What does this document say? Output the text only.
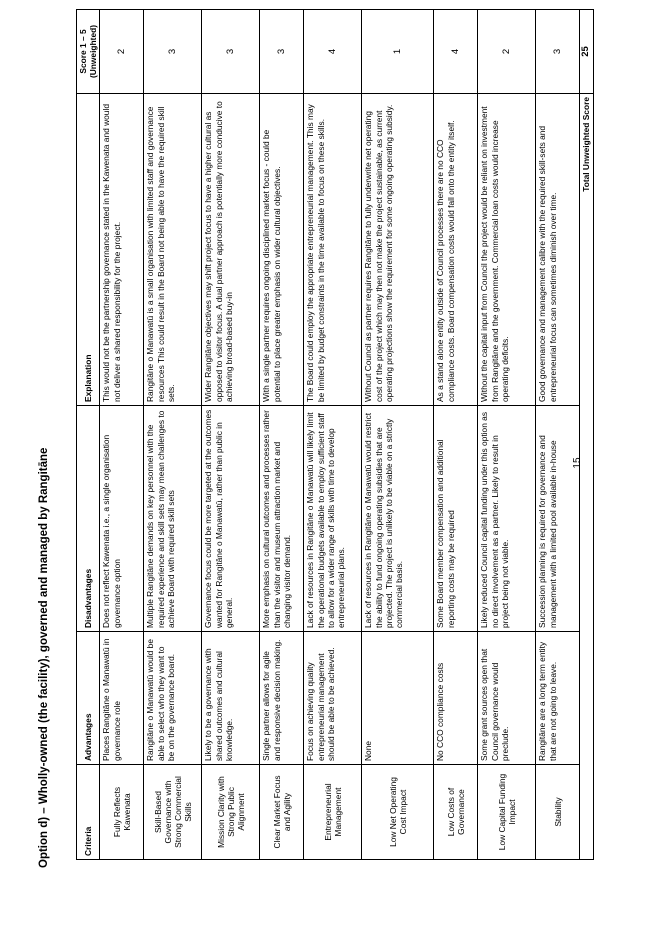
Option d) – Wholly-owned (the facility), governed and managed by Rangitāne	Criteria	Advantages	Disadvantages	Explanation	Score 1 – 5 (Unweighted)
Fully Reflects Kawenata	Places Rangitāne o Manawatū in governance role	Does not reflect Kawenata i.e., a single organisation governance option	This would not be the partnership governance stated in the Kawenata and would not deliver a shared responsibility for the project.	2
Skill-Based Governance with Strong Commercial Skills	Rangitāne o Manawatū would be able to select who they want to be on the governance board.	Multiple Rangitāne demands on key personnel with the required experience and skill sets may mean challenges to achieve Board with required skill sets	Rangitāne o Manawatū is a small organisation with limited staff and governance resources This could result in the Board not being able to have the required skill sets.	3
Mission Clarity with Strong Public Alignment	Likely to be a governance with shared outcomes and cultural knowledge.	Governance focus could be more targeted at the outcomes wanted for Rangitāne o Manawatū, rather than public in general.	Wider Rangitāne objectives may shift project focus to have a higher cultural as opposed to visitor focus. A dual partner approach is potentially more conducive to achieving broad-based buy-in	3
Clear Market Focus and Agility	Single partner allows for agile and responsive decision making.	More emphasis on cultural outcomes and processes rather than the visitor and museum attraction market and changing visitor demand.	With a single partner requires ongoing disciplined market focus - could be potential to place greater emphasis on wider cultural objectives.	3
Entrepreneurial Management	Focus on achieving quality entrepreneurial management should be able to be achieved.	Lack of resources in Rangitāne o Manawatū will likely limit the operational budgets available to employ sufficient staff to allow for a wider range of skills with time to develop entrepreneurial plans.	The Board could employ the appropriate entrepreneurial management. This may be limited by budget constraints in the time available to focus on these skills.	4
Low Net Operating Cost Impact	None	Lack of resources in Rangitāne o Manawatū would restrict the ability to fund ongoing operating subsidies that are projected. The project is unlikely to be viable on a strictly commercial basis.	Without Council as partner requires Rangitāne to fully underwrite net operating cost of the project which may then not make the project sustainable, as current operating projections show the requirement for some ongoing operating subsidy.	1
Low Costs of Governance	No CCO compliance costs	Some Board member compensation and additional reporting costs may be required	As a stand alone entity outside of Council processes there are no CCO compliance costs. Board compensation costs would fall onto the entity itself.	4
Low Capital Funding Impact	Some grant sources open that Council governance would preclude.	Likely reduced Council capital funding under this option as no direct involvement as a partner. Likely to result in project being not viable.	Without the capital input from Council the project would be reliant on investment from Rangitāne and the government. Commercial loan costs would increase operating deficits.	2
Stability	Rangitāne are a long term entity that are not going to leave.	Succession planning is required for governance and management with a limited pool available in-house	Good governance and management calibre with the required skill-sets and entrepreneurial focus can sometimes diminish over time.	3
Total Unweighted Score				25
15
